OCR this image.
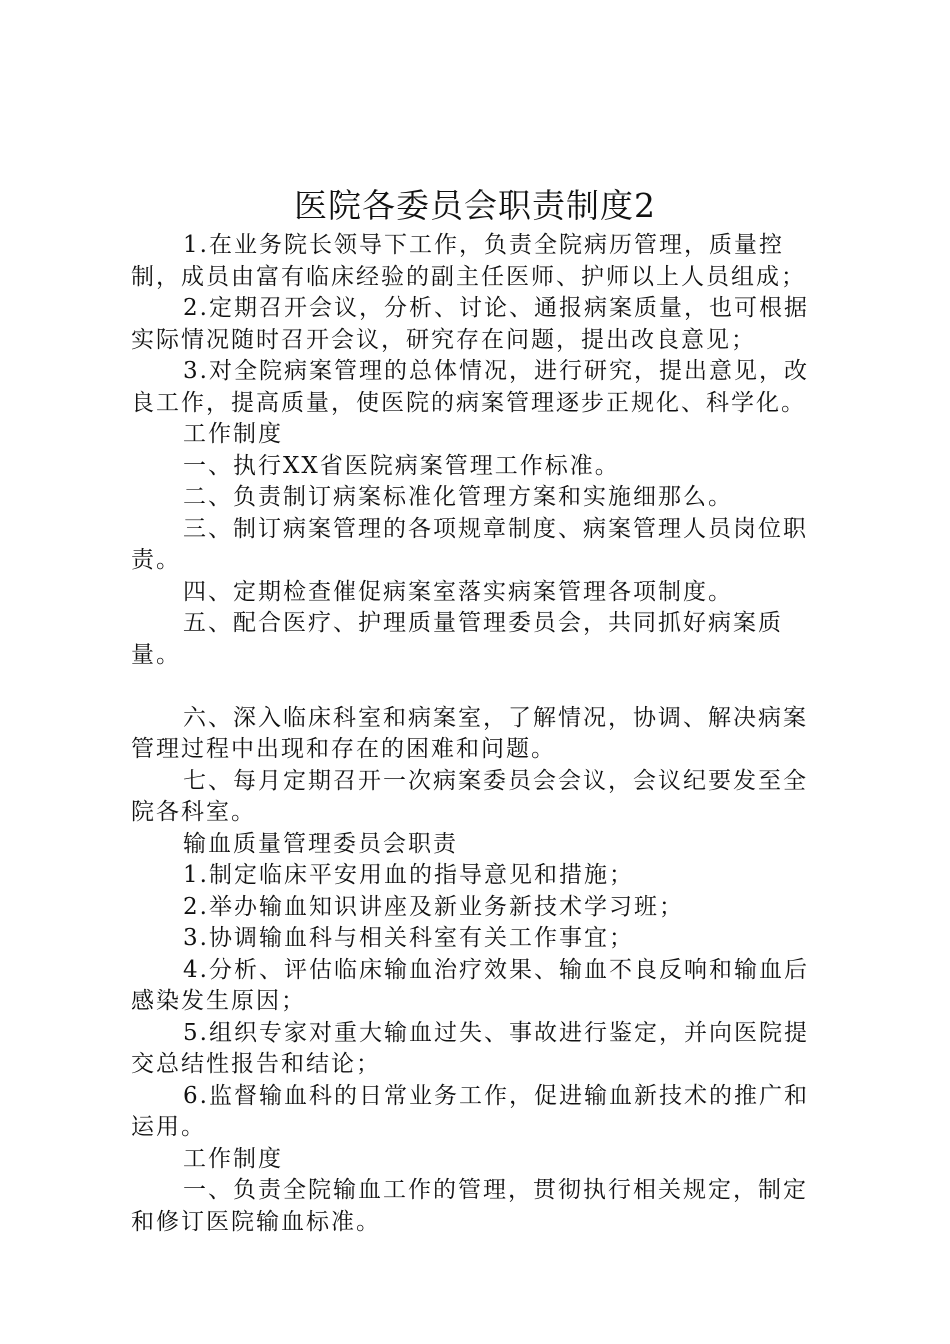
医院各委员会职责制度2

1.在业务院长领导下工作，负责全院病历管理，质量控制，成员由富有临床经验的副主任医师、护师以上人员组成；

2.定期召开会议，分析、讨论、通报病案质量，也可根据实际情况随时召开会议，研究存在问题，提出改良意见；

3.对全院病案管理的总体情况，进行研究，提出意见，改良工作，提高质量，使医院的病案管理逐步正规化、科学化。

工作制度

一、执行XX省医院病案管理工作标准。

二、负责制订病案标准化管理方案和实施细那么。

三、制订病案管理的各项规章制度、病案管理人员岗位职责。

四、定期检查催促病案室落实病案管理各项制度。

五、配合医疗、护理质量管理委员会，共同抓好病案质量。

六、深入临床科室和病案室，了解情况，协调、解决病案管理过程中出现和存在的困难和问题。

七、每月定期召开一次病案委员会会议，会议纪要发至全院各科室。

输血质量管理委员会职责

1.制定临床平安用血的指导意见和措施；

2.举办输血知识讲座及新业务新技术学习班；

3.协调输血科与相关科室有关工作事宜；

4.分析、评估临床输血治疗效果、输血不良反响和输血后感染发生原因；

5.组织专家对重大输血过失、事故进行鉴定，并向医院提交总结性报告和结论；

6.监督输血科的日常业务工作，促进输血新技术的推广和运用。

工作制度

一、负责全院输血工作的管理，贯彻执行相关规定，制定和修订医院输血标准。
